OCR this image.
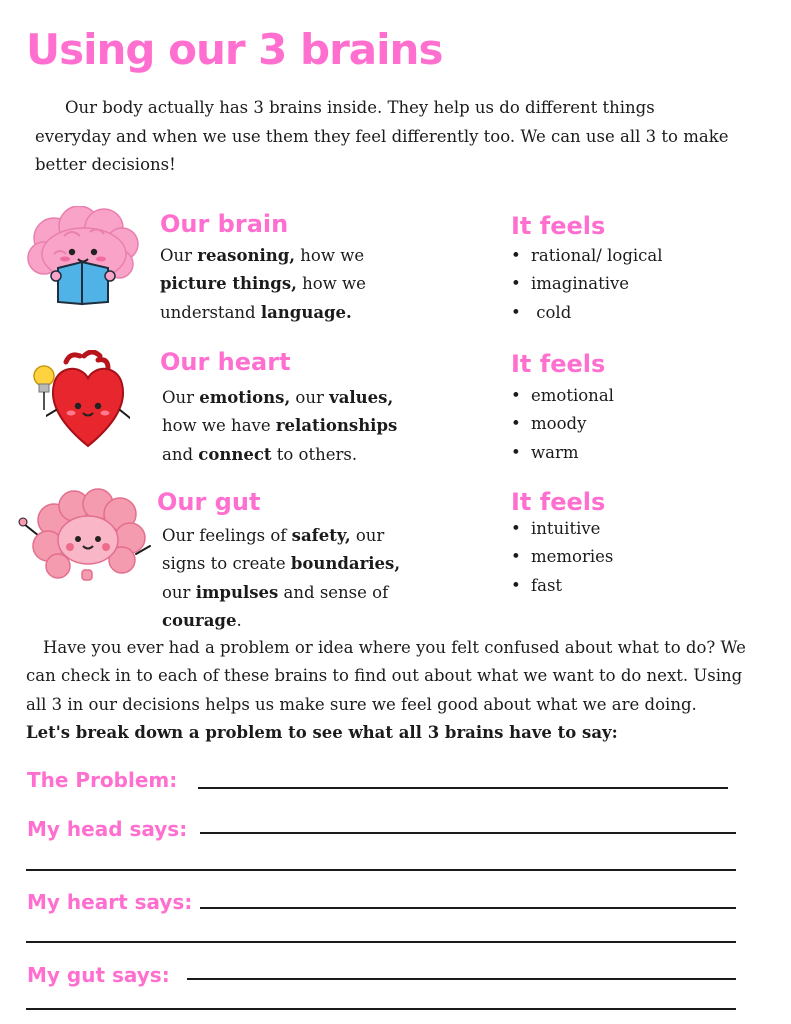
Using our 3 brains

Our body actually has 3 brains inside. They help us do different things everyday and when we use them they feel differently too. We can use all 3 to make better decisions!

Our brain

Our reasoning, how we picture things, how we understand language.

It feels
• rational/ logical
• imaginative
•  cold
Our heart

Our emotions, our values, how we have relationships and connect to others.

It feels
• emotional
• moody
• warm
Our gut

Our feelings of safety, our signs to create boundaries, our impulses and sense of courage.

It feels
• intuitive
• memories
• fast

Have you ever had a problem or idea where you felt confused about what to do? We can check in to each of these brains to find out about what we want to do next. Using all 3 in our decisions helps us make sure we feel good about what we are doing.

Let's break down a problem to see what all 3 brains have to say:

The Problem:
My head says:
My heart says:
My gut says:
